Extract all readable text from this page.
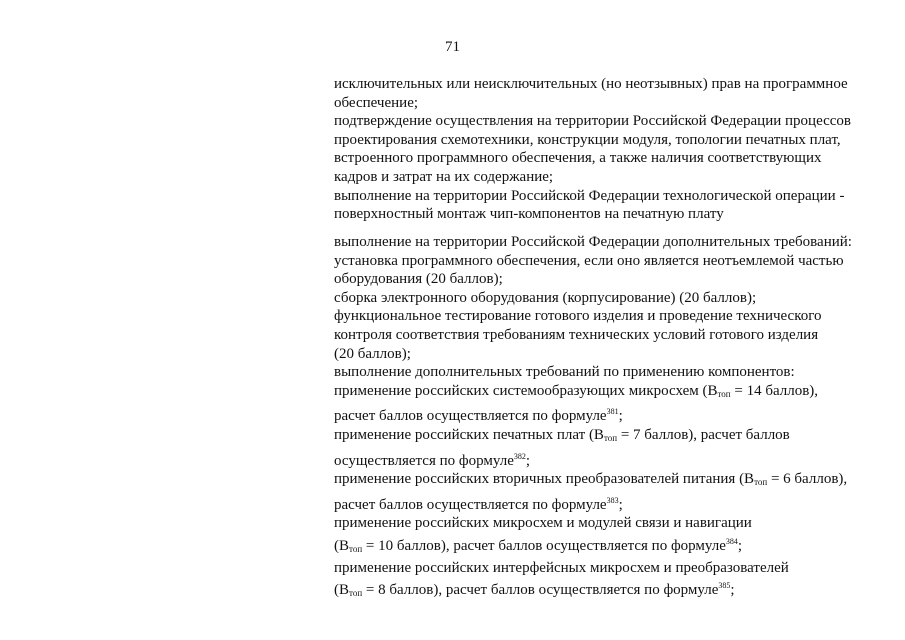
71
исключительных или неисключительных (но неотзывных) прав на программное
обеспечение;
подтверждение осуществления на территории Российской Федерации процессов
проектирования схемотехники, конструкции модуля, топологии печатных плат,
встроенного программного обеспечения, а также наличия соответствующих
кадров и затрат на их содержание;
выполнение на территории Российской Федерации технологической операции -
поверхностный монтаж чип-компонентов на печатную плату
выполнение на территории Российской Федерации дополнительных требований:
установка программного обеспечения, если оно является неотъемлемой частью
оборудования (20 баллов);
сборка электронного оборудования (корпусирование) (20 баллов);
функциональное тестирование готового изделия и проведение технического
контроля соответствия требованиям технических условий готового изделия
(20 баллов);
выполнение дополнительных требований по применению компонентов:
применение российских системообразующих микросхем ($В_{топ} = 14$ баллов),
расчет баллов осуществляется по формуле$^{381}$;
применение российских печатных плат ($В_{топ} = 7$ баллов), расчет баллов
осуществляется по формуле$^{382}$;
применение российских вторичных преобразователей питания ($В_{топ} = 6$ баллов),
расчет баллов осуществляется по формуле$^{383}$;
применение российских микросхем и модулей связи и навигации
($В_{топ} = 10$ баллов), расчет баллов осуществляется по формуле$^{384}$;
применение российских интерфейсных микросхем и преобразователей
($В_{топ} = 8$ баллов), расчет баллов осуществляется по формуле$^{385}$;
